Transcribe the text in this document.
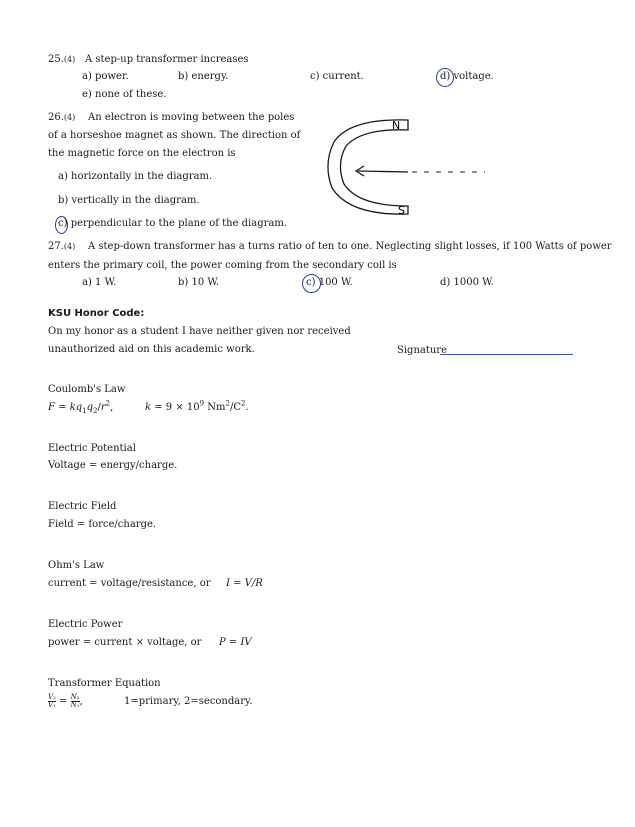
25.(4) A step-up transformer increases
a) power.	b) energy.	c) current.	d) voltage.
e) none of these.
26.(4) An electron is moving between the poles
of a horseshoe magnet as shown. The direction of
the magnetic force on the electron is
a) horizontally in the diagram.
b) vertically in the diagram.
c) perpendicular to the plane of the diagram.
N
S
27.(4) A step-down transformer has a turns ratio of ten to one. Neglecting slight losses, if 100 Watts of power
enters the primary coil, the power coming from the secondary coil is
a) 1 W.	b) 10 W.	c) 100 W.	d) 1000 W.
KSU Honor Code:
On my honor as a student I have neither given nor received
unauthorized aid on this academic work.	Signature
Coulomb's Law
$F = kq_1q_2/r^2$,	$k = 9 \times 10^9$ $Nm^2/C^2$.
Electric Potential
Voltage = energy/charge.
Electric Field
Field = force/charge.
Ohm's Law
current = voltage/resistance, or I = V/R
Electric Power
power = current × voltage, or P = IV
Transformer Equation
$\frac{\text{V₂}}{\text{V₁}} = \frac{\text{N₂}}{\text{N₁}}$ ,	1=primary, 2=secondary.
